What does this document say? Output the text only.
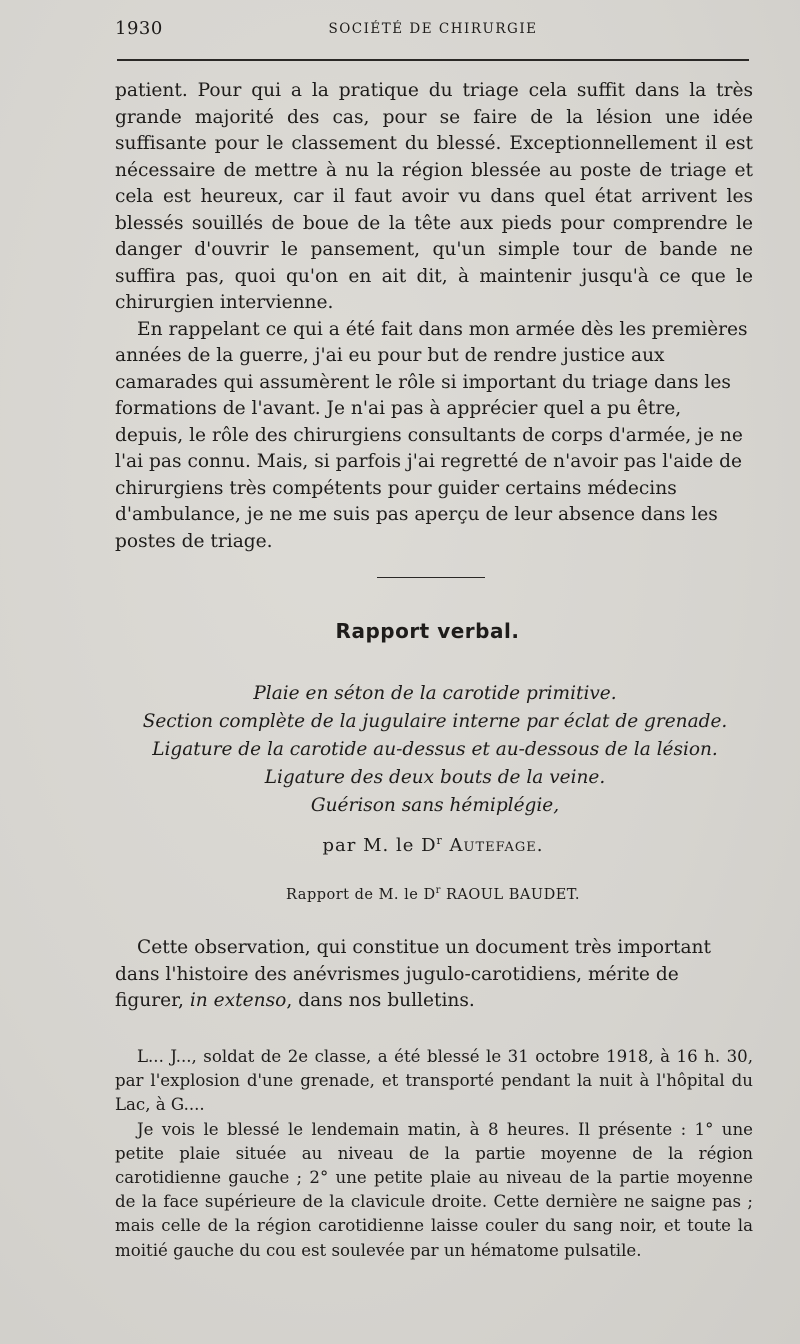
1930	SOCIÉTÉ DE CHIRURGIE

patient. Pour qui a la pratique du triage cela suffit dans la très grande majorité des cas, pour se faire de la lésion une idée suffisante pour le classement du blessé. Exceptionnellement il est nécessaire de mettre à nu la région blessée au poste de triage et cela est heureux, car il faut avoir vu dans quel état arrivent les blessés souillés de boue de la tête aux pieds pour comprendre le danger d'ouvrir le pansement, qu'un simple tour de bande ne suffira pas, quoi qu'on en ait dit, à maintenir jusqu'à ce que le chirurgien intervienne.

En rappelant ce qui a été fait dans mon armée dès les premières années de la guerre, j'ai eu pour but de rendre justice aux camarades qui assumèrent le rôle si important du triage dans les formations de l'avant. Je n'ai pas à apprécier quel a pu être, depuis, le rôle des chirurgiens consultants de corps d'armée, je ne l'ai pas connu. Mais, si parfois j'ai regretté de n'avoir pas l'aide de chirurgiens très compétents pour guider certains médecins d'ambulance, je ne me suis pas aperçu de leur absence dans les postes de triage.

Rapport verbal.
Plaie en séton de la carotide primitive.
Section complète de la jugulaire interne par éclat de grenade.
Ligature de la carotide au-dessus et au-dessous de la lésion.
Ligature des deux bouts de la veine.
Guérison sans hémiplégie,
par M. le $D^r$ Autefage.
Rapport de M. le $D^r$ RAOUL BAUDET.

Cette observation, qui constitue un document très important dans l'histoire des anévrismes jugulo-carotidiens, mérite de figurer, in extenso, dans nos bulletins.

L... J..., soldat de 2e classe, a été blessé le 31 octobre 1918, à 16 h. 30, par l'explosion d'une grenade, et transporté pendant la nuit à l'hôpital du Lac, à G....

Je vois le blessé le lendemain matin, à 8 heures. Il présente : 1° une petite plaie située au niveau de la partie moyenne de la région carotidienne gauche ; 2° une petite plaie au niveau de la partie moyenne de la face supérieure de la clavicule droite. Cette dernière ne saigne pas ; mais celle de la région carotidienne laisse couler du sang noir, et toute la moitié gauche du cou est soulevée par un hématome pulsatile.
